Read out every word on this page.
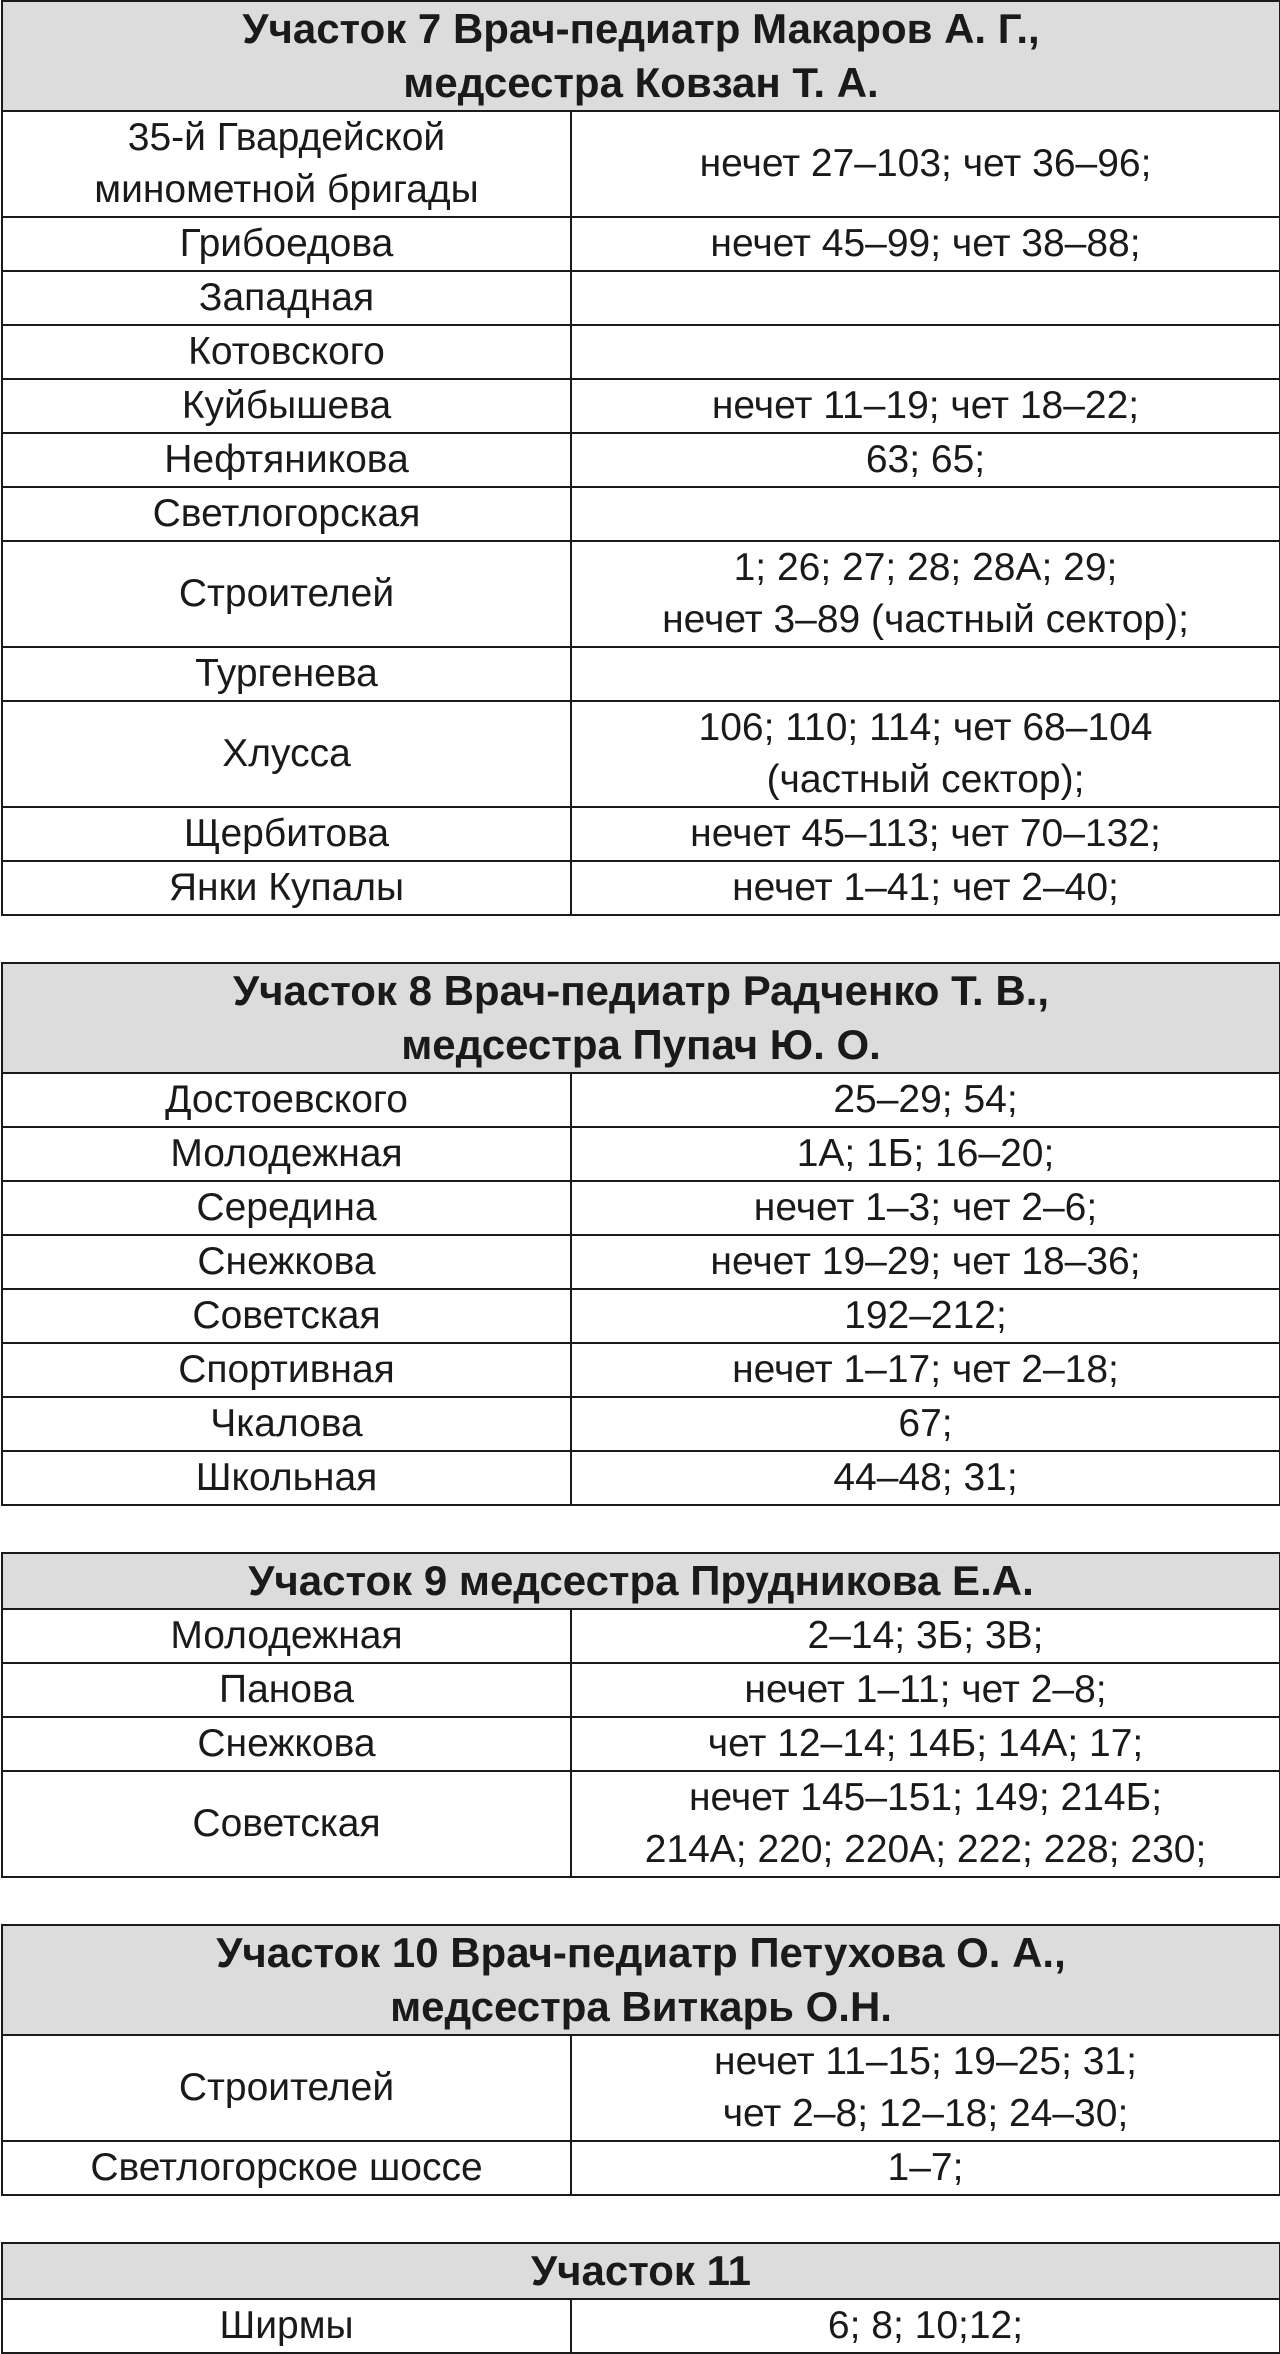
Участок 7 Врач-педиатр Макаров А. Г.,
медсестра Ковзан Т. А.	
35-й Гвардейской
минометной бригады	нечет 27–103; чет 36–96;
Грибоедова	нечет 45–99; чет 38–88;
Западная	
Котовского	
Куйбышева	нечет 11–19; чет 18–22;
Нефтяникова	63; 65;
Светлогорская	
Строителей	1; 26; 27; 28; 28А; 29;
нечет 3–89 (частный сектор);
Тургенева	
Хлусса	106; 110; 114; чет 68–104
(частный сектор);
Щербитова	нечет 45–113; чет 70–132;
Янки Купалы	нечет 1–41; чет 2–40;
Участок 8 Врач-педиатр Радченко Т. В.,
медсестра Пупач Ю. О.	
Достоевского	25–29; 54;
Молодежная	1А; 1Б; 16–20;
Середина	нечет 1–3; чет 2–6;
Снежкова	нечет 19–29; чет 18–36;
Советская	192–212;
Спортивная	нечет 1–17; чет 2–18;
Чкалова	67;
Школьная	44–48; 31;
Участок 9 медсестра Прудникова Е.А.	
Молодежная	2–14; 3Б; 3В;
Панова	нечет 1–11; чет 2–8;
Снежкова	чет 12–14; 14Б; 14А; 17;
Советская	нечет 145–151; 149; 214Б;
214А; 220; 220А; 222; 228; 230;
Участок 10 Врач-педиатр Петухова О. А.,
медсестра Виткарь О.Н.	
Строителей	нечет 11–15; 19–25; 31;
чет 2–8; 12–18; 24–30;
Светлогорское шоссе	1–7;
Участок 11
Ширмы	6; 8; 10;12;
